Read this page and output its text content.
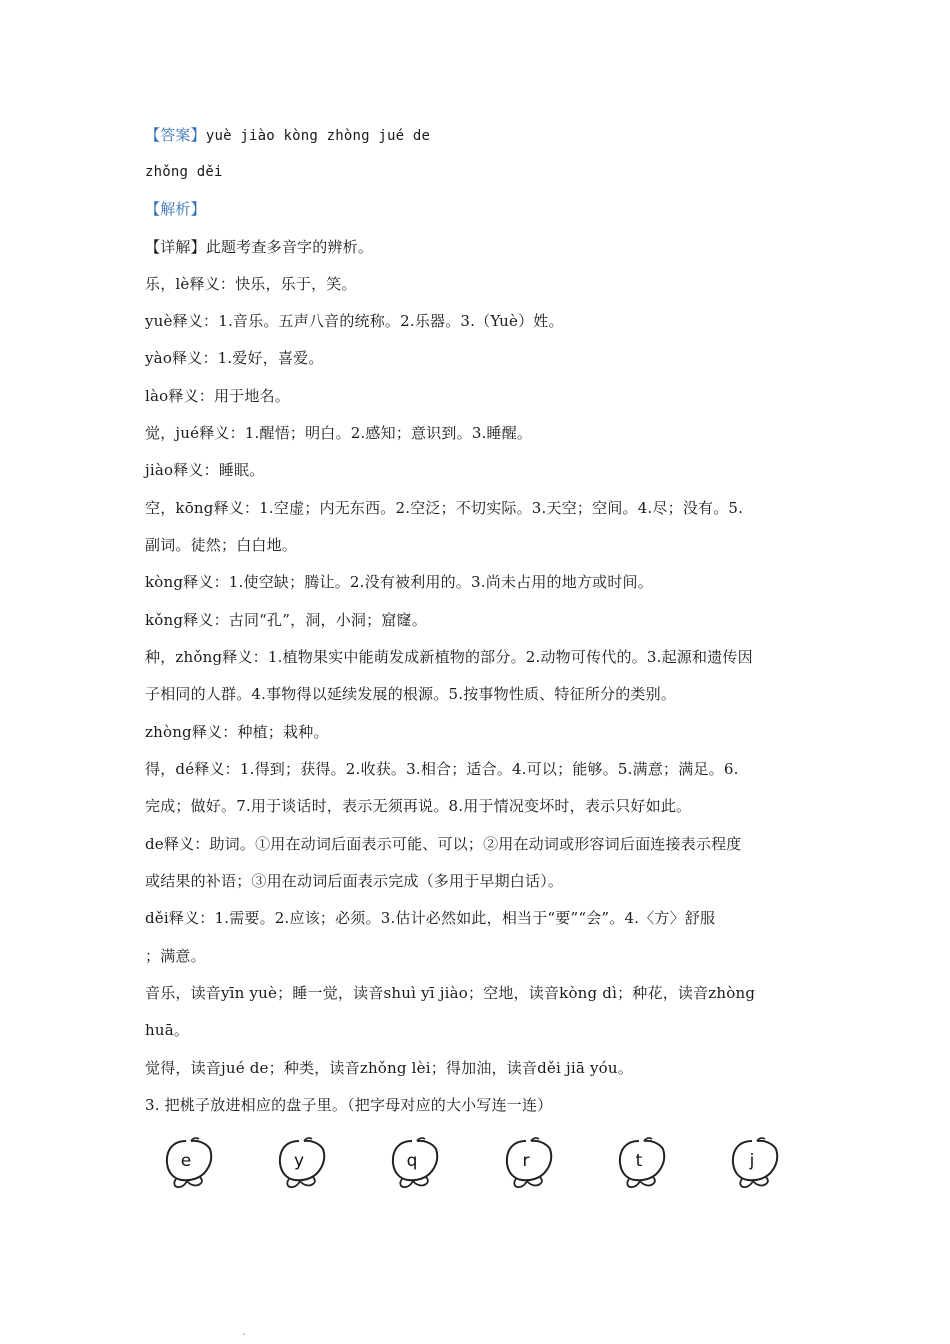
【答案】yuè jiào kòng zhòng jué de
zhǒng děi
【解析】
【详解】此题考查多音字的辨析。
乐，lè释义：快乐，乐于，笑。
yuè释义：1.音乐。五声八音的统称。2.乐器。3.（Yuè）姓。
yào释义：1.爱好，喜爱。
lào释义：用于地名。
觉，jué释义：1.醒悟；明白。2.感知；意识到。3.睡醒。
jiào释义：睡眠。
空，kōng释义：1.空虚；内无东西。2.空泛；不切实际。3.天空；空间。4.尽；没有。5.
副词。徒然；白白地。
kòng释义：1.使空缺；腾让。2.没有被利用的。3.尚未占用的地方或时间。
kǒng释义：古同“孔”，洞，小洞；窟窿。
种，zhǒng释义：1.植物果实中能萌发成新植物的部分。2.动物可传代的。3.起源和遗传因
子相同的人群。4.事物得以延续发展的根源。5.按事物性质、特征所分的类别。
zhòng释义：种植；栽种。
得，dé释义：1.得到；获得。2.收获。3.相合；适合。4.可以；能够。5.满意；满足。6.
完成；做好。7.用于谈话时，表示无须再说。8.用于情况变坏时，表示只好如此。
de释义：助词。①用在动词后面表示可能、可以；②用在动词或形容词后面连接表示程度
或结果的补语；③用在动词后面表示完成（多用于早期白话）。
děi释义：1.需要。2.应该；必须。3.估计必然如此，相当于“要”“会”。4.〈方〉舒服
；满意。
音乐，读音yīn yuè；睡一觉，读音shuì yī jiào；空地，读音kòng dì；种花，读音zhòng
huā。
觉得，读音jué de；种类，读音zhǒng lèi；得加油，读音děi jiā yóu。
3. 把桃子放进相应的盘子里。（把字母对应的大小写连一连）
e	y	q	r	t	j
